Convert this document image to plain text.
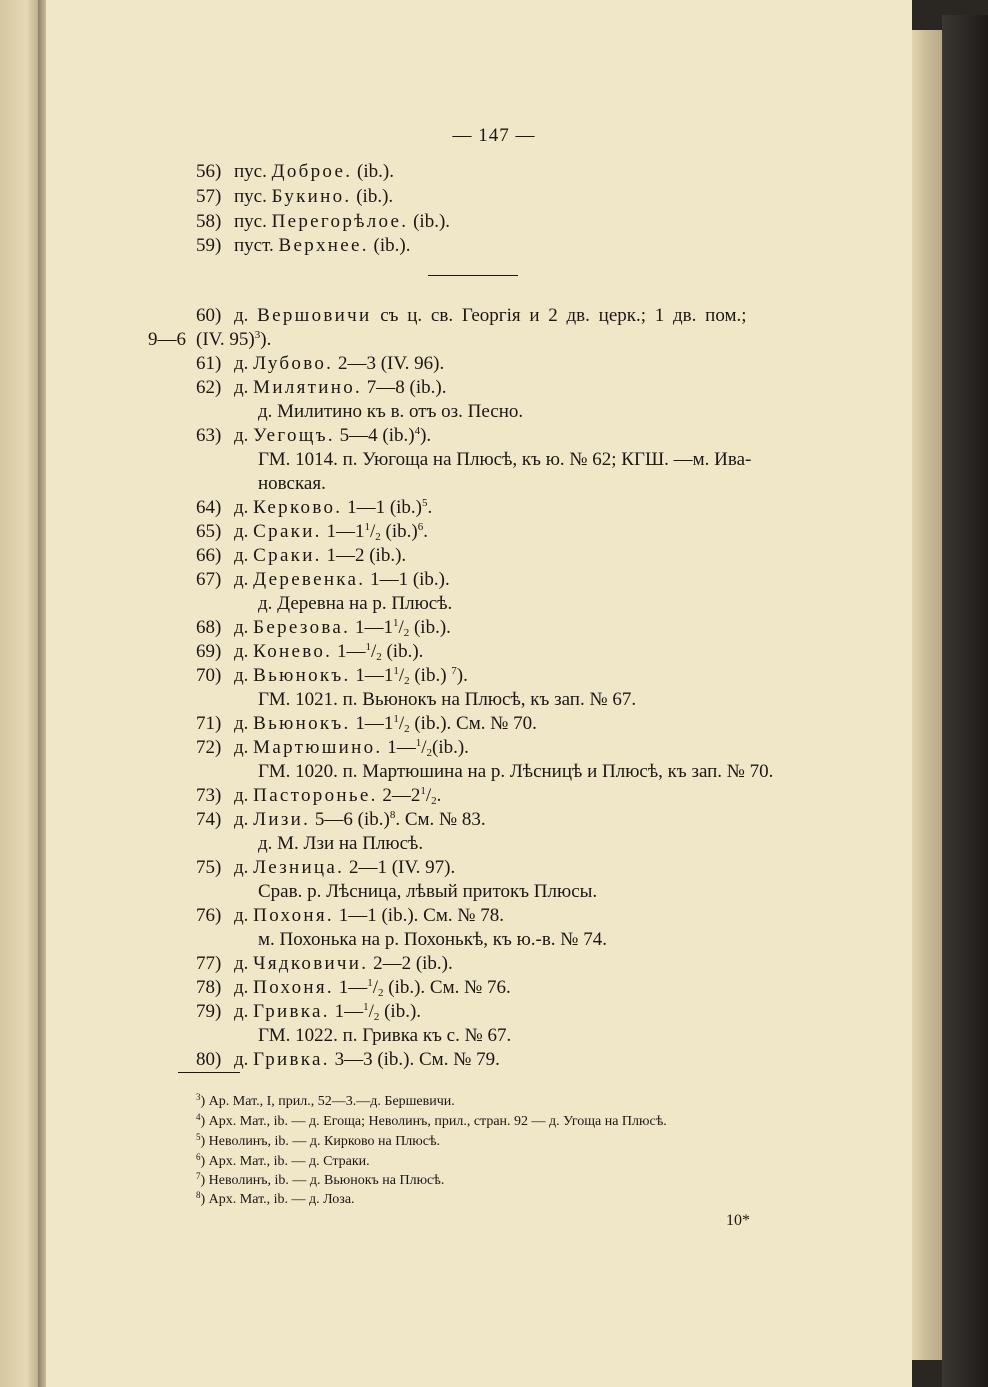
— 147 —
56) пус. Доброе. (ib.).
57) пус. Букино. (ib.).
58) пус. Перегорѣлое. (ib.).
59) пуст. Верхнее. (ib.).
60) д. Вершовичи съ ц. св. Георгія и 2 дв. церк.; 1 дв. пом.;
9—6 (IV. 95)$^3$).
61) д. Лубово. 2—3 (IV. 96).
62) д. Милятино. 7—8 (ib.).
д. Милитино къ в. отъ оз. Песно.
63) д. Уегощъ. 5—4 $(ib.)^4$).
ГМ. 1014. п. Уюгоща на Плюсѣ, къ ю. № 62; КГШ. —м. Ива-
новская.
64) д. Керково. 1—1 $(ib.)^5$.
65) д. Сраки. $1—1^1/_2$ $(ib.)^6$.
66) д. Сраки. 1—2 (ib.).
67) д. Деревенка. 1—1 (ib.).
д. Деревна на р. Плюсѣ.
68) д. Березова. $1—1^1/_2$ (ib.).
69) д. Конево. $1—^1/_2$ (ib.).
70) д. Вьюнокъ. $1—1^1/_2$ (ib.) $^7$).
ГМ. 1021. п. Вьюнокъ на Плюсѣ, къ зап. № 67.
71) д. Вьюнокъ. $1—1^1/_2$ (ib.). См. № 70.
72) д. Мартюшино. $1—^1/_2(ib.)$.
ГМ. 1020. п. Мартюшина на р. Лѣсницѣ и Плюсѣ, къ зап. № 70.
73) д. Пасторонье. $2—2^1/_2$.
74) д. Лизи. 5—6 $(ib.)^8$. См. № 83.
д. М. Лзи на Плюсѣ.
75) д. Лезница. 2—1 (IV. 97).
Срав. р. Лѣсница, лѣвый притокъ Плюсы.
76) д. Похоня. 1—1 (ib.). См. № 78.
м. Похонька на р. Похонькѣ, къ ю.-в. № 74.
77) д. Чядковичи. 2—2 (ib.).
78) д. Похоня. $1—^1/_2$ (ib.). См. № 76.
79) д. Гривка. $1—^1/_2$ (ib.).
ГМ. 1022. п. Гривка къ с. № 67.
80) д. Гривка. 3—3 (ib.). См. № 79.
$^3$) Ар. Мат., I, прил., 52—3.—д. Бершевичи.
$^4$) Арх. Мат., ib. — д. Егоща; Неволинъ, прил., стран. 92 — д. Угоща на Плюсѣ.
$^5$) Неволинъ, ib. — д. Кирково на Плюсѣ.
$^6$) Арх. Мат., ib. — д. Страки.
$^7$) Неволинъ, ib. — д. Вьюнокъ на Плюсѣ.
$^8$) Арх. Мат., ib. — д. Лоза.
10*
